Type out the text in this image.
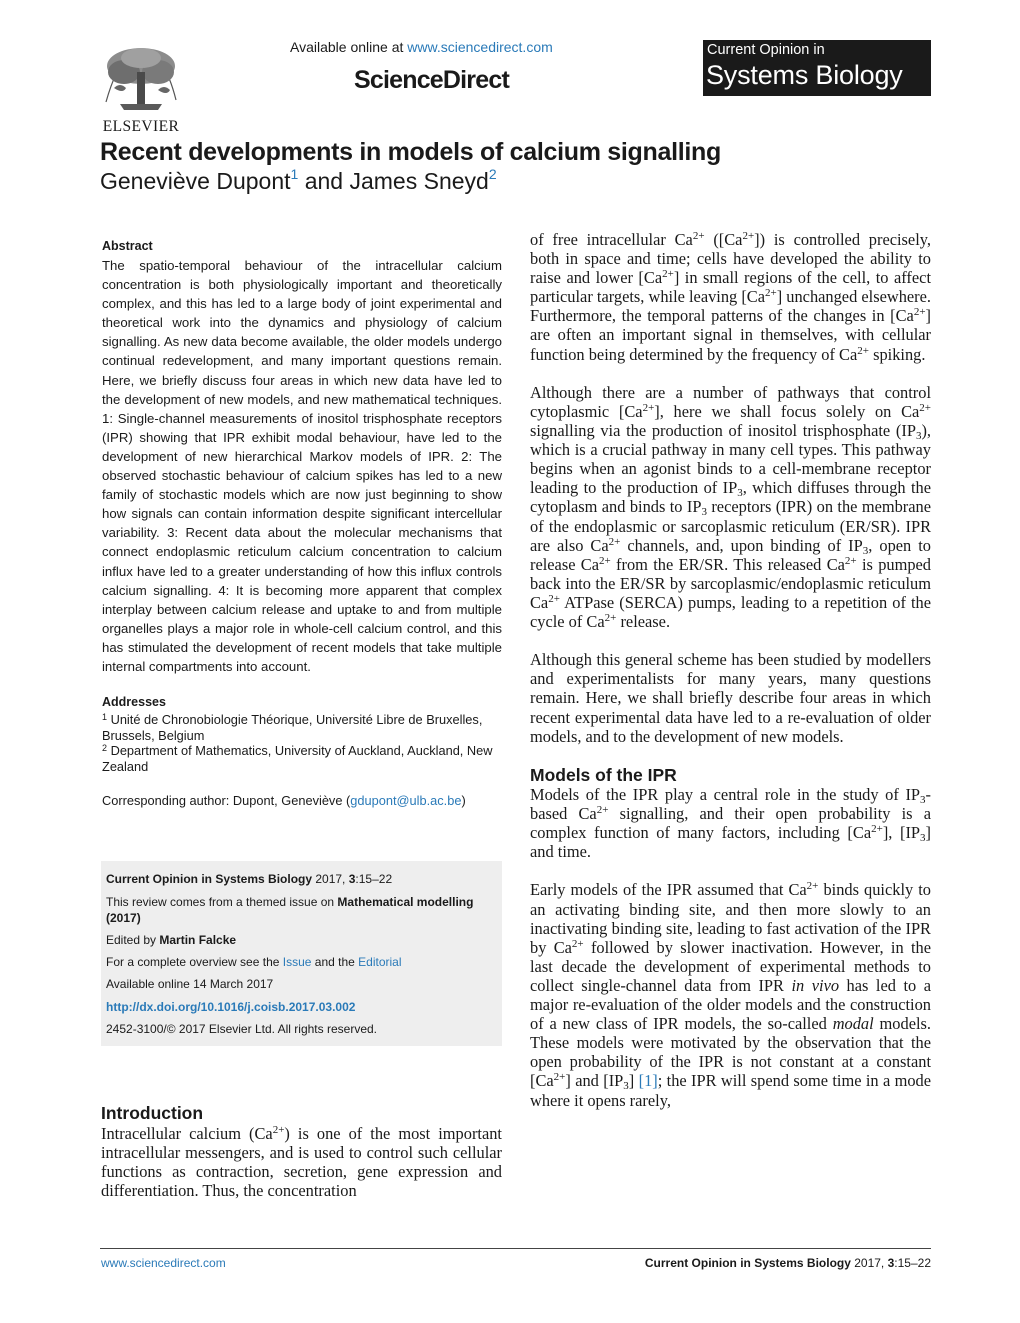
ELSEVIER
Available online at www.sciencedirect.com
ScienceDirect
Current Opinion in
Systems Biology
Recent developments in models of calcium signalling
Geneviève Dupont$^1$ and James Sneyd$^2$
Abstract

The spatio-temporal behaviour of the intracellular calcium concentration is both physiologically important and theoretically complex, and this has led to a large body of joint experimental and theoretical work into the dynamics and physiology of calcium signalling. As new data become available, the older models undergo continual redevelopment, and many important questions remain. Here, we briefly discuss four areas in which new data have led to the development of new models, and new mathematical techniques. 1: Single-channel measurements of inositol trisphosphate receptors (IPR) showing that IPR exhibit modal behaviour, have led to the development of new hierarchical Markov models of IPR. 2: The observed stochastic behaviour of calcium spikes has led to a new family of stochastic models which are now just beginning to show how signals can contain information despite significant intercellular variability. 3: Recent data about the molecular mechanisms that connect endoplasmic reticulum calcium concentration to calcium influx have led to a greater understanding of how this influx controls calcium signalling. 4: It is becoming more apparent that complex interplay between calcium release and uptake to and from multiple organelles plays a major role in whole-cell calcium control, and this has stimulated the development of recent models that take multiple internal compartments into account.

Addresses

$^1$ Unité de Chronobiologie Théorique, Université Libre de Bruxelles, Brussels, Belgium

$^2$ Department of Mathematics, University of Auckland, Auckland, New Zealand

Corresponding author: Dupont, Geneviève (gdupont@ulb.ac.be)

Current Opinion in Systems Biology 2017, 3:15–22
This review comes from a themed issue on Mathematical modelling
(2017)
Edited by Martin Falcke
For a complete overview see the Issue and the Editorial
Available online 14 March 2017
http://dx.doi.org/10.1016/j.coisb.2017.03.002
2452-3100/© 2017 Elsevier Ltd. All rights reserved.
Introduction

Intracellular calcium $(Ca^{2+})$ is one of the most important intracellular messengers, and is used to control such cellular functions as contraction, secretion, gene expression and differentiation. Thus, the concentration

of free intracellular $Ca^{2+}$ $([Ca^{2+}])$ is controlled precisely, both in space and time; cells have developed the ability to raise and lower $[Ca^{2+}]$ in small regions of the cell, to affect particular targets, while leaving $[Ca^{2+}]$ unchanged elsewhere. Furthermore, the temporal patterns of the changes in $[Ca^{2+}]$ are often an important signal in themselves, with cellular function being determined by the frequency of $Ca^{2+}$ spiking.

Although there are a number of pathways that control cytoplasmic $[Ca^{2+}]$, here we shall focus solely on $Ca^{2+}$ signalling via the production of inositol trisphosphate $(IP_3)$, which is a crucial pathway in many cell types. This pathway begins when an agonist binds to a cell-membrane receptor leading to the production of $IP_3$, which diffuses through the cytoplasm and binds to $IP_3$ receptors (IPR) on the membrane of the endoplasmic or sarcoplasmic reticulum (ER/SR). IPR are also $Ca^{2+}$ channels, and, upon binding of $IP_3$, open to release $Ca^{2+}$ from the ER/SR. This released $Ca^{2+}$ is pumped back into the ER/SR by sarcoplasmic/endoplasmic reticulum $Ca^{2+}$ ATPase (SERCA) pumps, leading to a repetition of the cycle of $Ca^{2+}$ release.

Although this general scheme has been studied by modellers and experimentalists for many years, many questions remain. Here, we shall briefly describe four areas in which recent experimental data have led to a re-evaluation of older models, and to the development of new models.

Models of the IPR

Models of the IPR play a central role in the study of $IP_3$-based $Ca^{2+}$ signalling, and their open probability is a complex function of many factors, including $[Ca^{2+}]$, $[IP_3]$ and time.

Early models of the IPR assumed that $Ca^{2+}$ binds quickly to an activating binding site, and then more slowly to an inactivating binding site, leading to fast activation of the IPR by $Ca^{2+}$ followed by slower inactivation. However, in the last decade the development of experimental methods to collect single-channel data from IPR in vivo has led to a major re-evaluation of the older models and the construction of a new class of IPR models, the so-called modal models. These models were motivated by the observation that the open probability of the IPR is not constant at a constant $[Ca^{2+}]$ and $[IP_3]$ [1]; the IPR will spend some time in a mode where it opens rarely,

www.sciencedirect.com	Current Opinion in Systems Biology 2017, 3:15–22
